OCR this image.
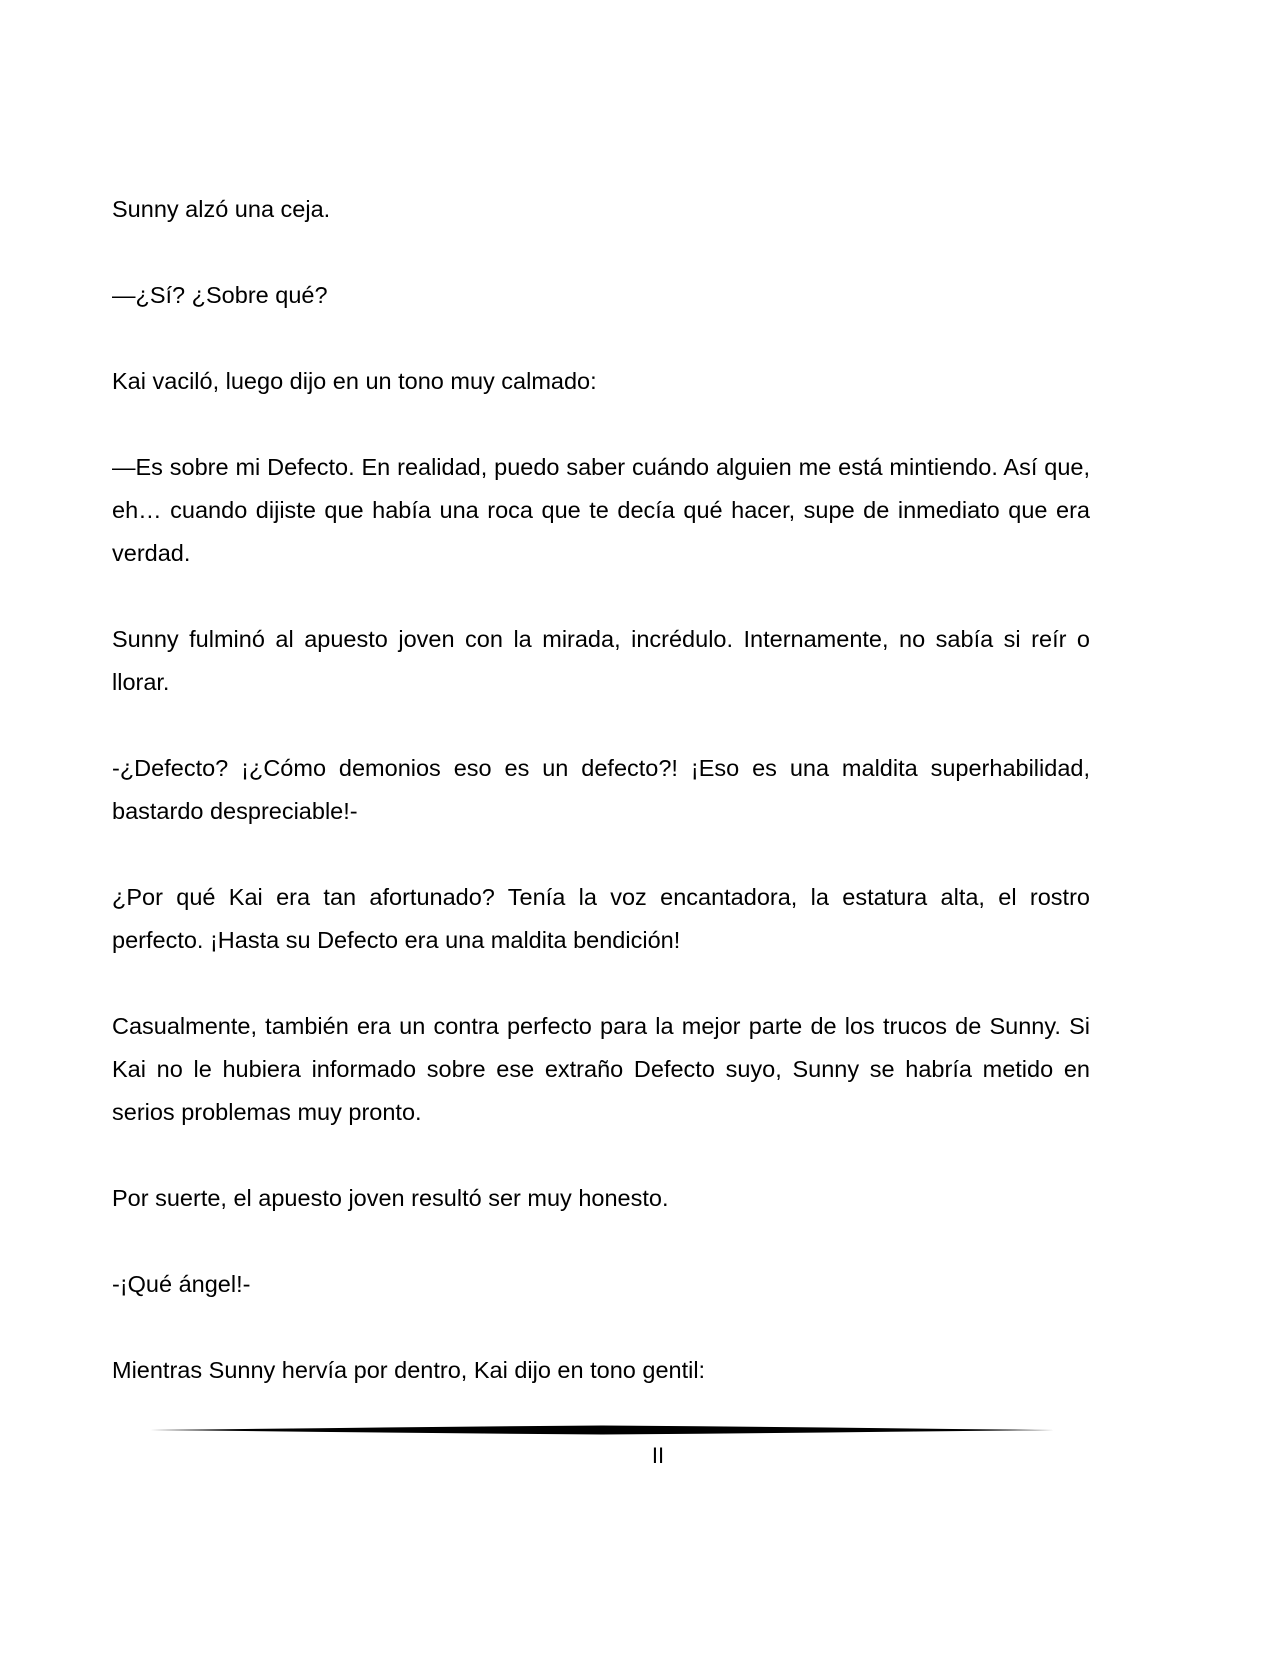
Sunny alzó una ceja.

—¿Sí? ¿Sobre qué?

Kai vaciló, luego dijo en un tono muy calmado:

—Es sobre mi Defecto. En realidad, puedo saber cuándo alguien me está mintiendo. Así que, eh… cuando dijiste que había una roca que te decía qué hacer, supe de inmediato que era verdad.

Sunny fulminó al apuesto joven con la mirada, incrédulo. Internamente, no sabía si reír o llorar.

-¿Defecto? ¡¿Cómo demonios eso es un defecto?! ¡Eso es una maldita superhabilidad, bastardo despreciable!-

¿Por qué Kai era tan afortunado? Tenía la voz encantadora, la estatura alta, el rostro perfecto. ¡Hasta su Defecto era una maldita bendición!

Casualmente, también era un contra perfecto para la mejor parte de los trucos de Sunny. Si Kai no le hubiera informado sobre ese extraño Defecto suyo, Sunny se habría metido en serios problemas muy pronto.

Por suerte, el apuesto joven resultó ser muy honesto.

-¡Qué ángel!-

Mientras Sunny hervía por dentro, Kai dijo en tono gentil:

II
